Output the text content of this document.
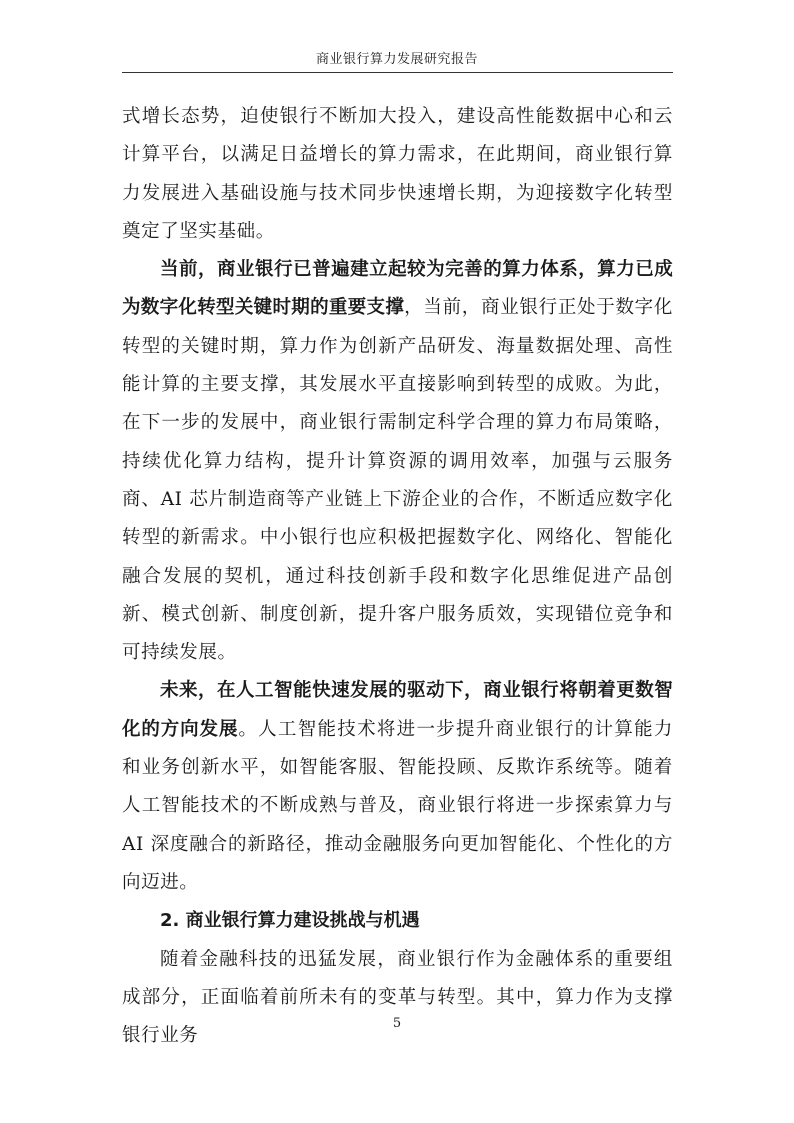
商业银行算力发展研究报告

式增长态势，迫使银行不断加大投入，建设高性能数据中心和云计算平台，以满足日益增长的算力需求，在此期间，商业银行算力发展进入基础设施与技术同步快速增长期，为迎接数字化转型奠定了坚实基础。

当前，商业银行已普遍建立起较为完善的算力体系，算力已成为数字化转型关键时期的重要支撑，当前，商业银行正处于数字化转型的关键时期，算力作为创新产品研发、海量数据处理、高性能计算的主要支撑，其发展水平直接影响到转型的成败。为此，在下一步的发展中，商业银行需制定科学合理的算力布局策略，持续优化算力结构，提升计算资源的调用效率，加强与云服务商、AI 芯片制造商等产业链上下游企业的合作，不断适应数字化转型的新需求。中小银行也应积极把握数字化、网络化、智能化融合发展的契机，通过科技创新手段和数字化思维促进产品创新、模式创新、制度创新，提升客户服务质效，实现错位竞争和可持续发展。

未来，在人工智能快速发展的驱动下，商业银行将朝着更数智化的方向发展。人工智能技术将进一步提升商业银行的计算能力和业务创新水平，如智能客服、智能投顾、反欺诈系统等。随着人工智能技术的不断成熟与普及，商业银行将进一步探索算力与 AI 深度融合的新路径，推动金融服务向更加智能化、个性化的方向迈进。

2. 商业银行算力建设挑战与机遇

随着金融科技的迅猛发展，商业银行作为金融体系的重要组成部分，正面临着前所未有的变革与转型。其中，算力作为支撑银行业务

5
